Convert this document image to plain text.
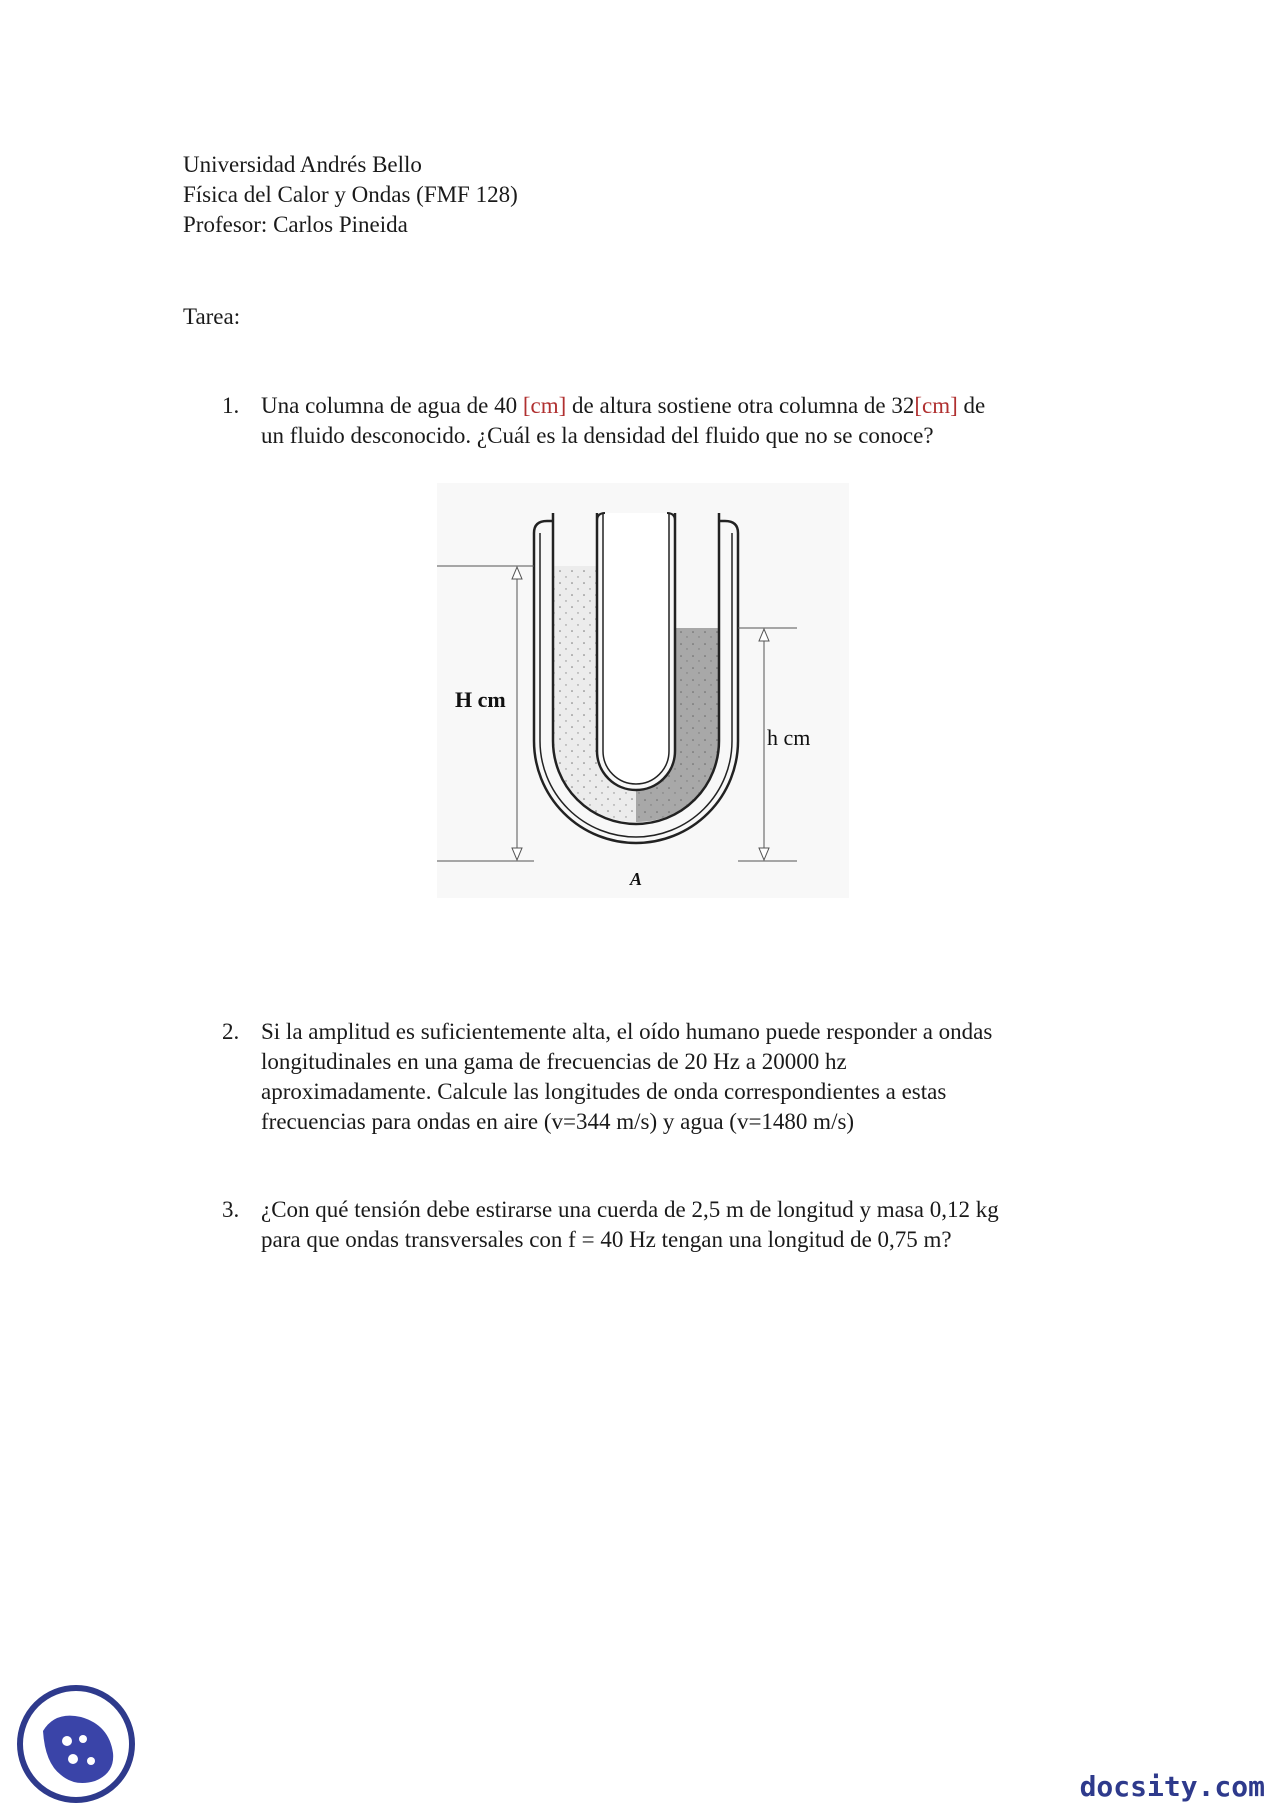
Universidad Andrés Bello
Física del Calor y Ondas (FMF 128)
Profesor: Carlos Pineida
Tarea:
1. Una columna de agua de 40 [cm] de altura sostiene otra columna de 32[cm] de
un fluido desconocido. ¿Cuál es la densidad del fluido que no se conoce?
H cm
h cm
A
2. Si la amplitud es suficientemente alta, el oído humano puede responder a ondas
longitudinales en una gama de frecuencias de 20 Hz a 20000 hz
aproximadamente. Calcule las longitudes de onda correspondientes a estas
frecuencias para ondas en aire (v=344 m/s) y agua (v=1480 m/s)
3. ¿Con qué tensión debe estirarse una cuerda de 2,5 m de longitud y masa 0,12 kg
para que ondas transversales con f = 40 Hz tengan una longitud de 0,75 m?
docsity.com
